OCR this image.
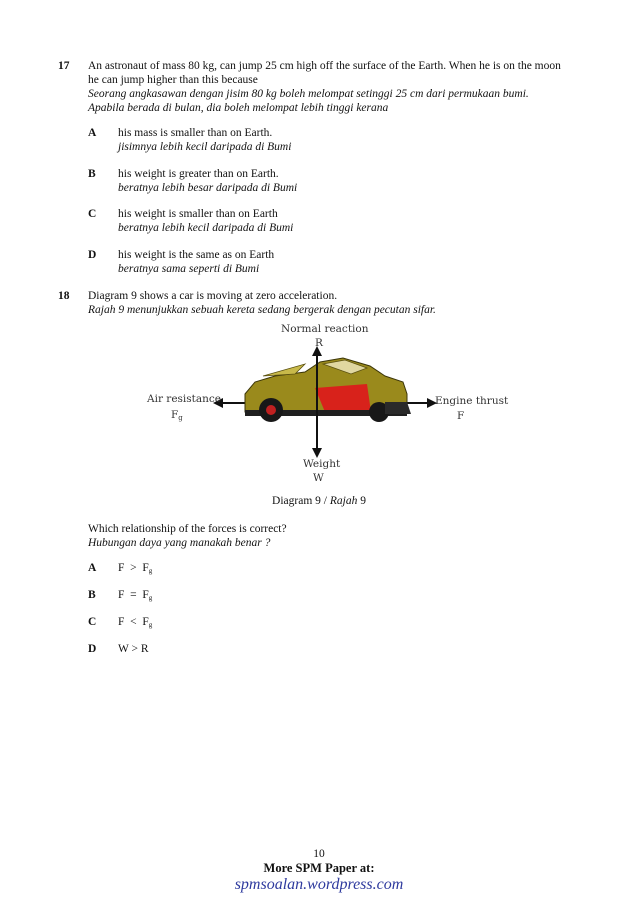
17 An astronaut of mass 80 kg, can jump 25 cm high off the surface of the Earth. When he is on the moon
he can jump higher than this because
Seorang angkasawan dengan jisim 80 kg boleh melompat setinggi 25 cm dari permukaan bumi.
Apabila berada di bulan, dia boleh melompat lebih tinggi kerana
A his mass is smaller than on Earth.
jisimnya lebih kecil daripada di Bumi
B his weight is greater than on Earth.
beratnya lebih besar daripada di Bumi
C his weight is smaller than on Earth
beratnya lebih kecil daripada di Bumi
D his weight is the same as on Earth
beratnya sama seperti di Bumi
18 Diagram 9 shows a car is moving at zero acceleration.
Rajah 9 menunjukkan sebuah kereta sedang bergerak dengan pecutan sifar.
Normal reaction
R
Air resistance
$F_g$
Engine thrust
F
Weight
W
Diagram 9 / Rajah 9
Which relationship of the forces is correct?
Hubungan daya yang manakah benar ?
A $F > F_g$
B $F = F_g$
C $F < F_g$
D W > R
10
More SPM Paper at:
spmsoalan.wordpress.com
